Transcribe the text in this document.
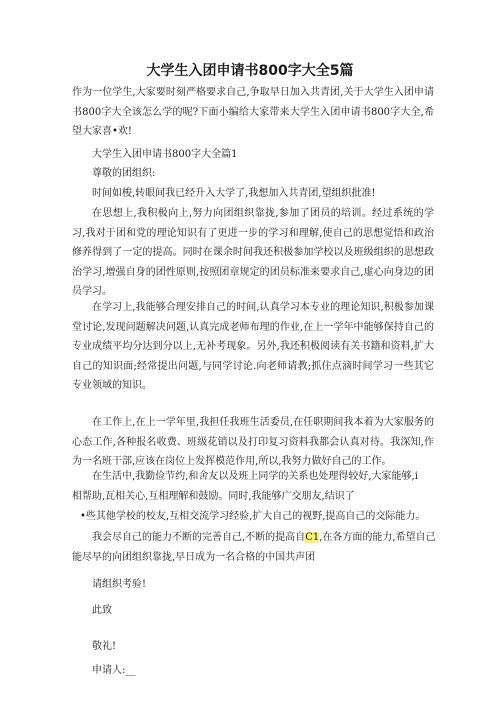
大学生入团申请书800字大全5篇
作为一位学生,大家要时刻严格要求自己,争取早日加入共青团,关于大学生入团申请书800字大全该怎么学的呢?下面小编给大家带来大学生入团申请书800字大全,希望大家喜•欢!
大学生入团申请书800字大全篇1
尊敬的团组织:
时间如梭,转眼间我已经升入大学了,我想加入共青团,望组织批准!
在思想上,我积极向上,努力向团组织靠拢,参加了团员的培训。经过系统的学习,我对于团和党的理论知识有了更进一步的学习和理解,使自己的思想觉悟和政治修养得到了一定的提高。同时在课余时间我还积极参加学校以及班级组织的思想政治学习,增强自身的团性原则,按照团章规定的团员标准来要求自己,虚心向身边的团员学习。
在学习上,我能够合理安排自己的时间,认真学习本专业的理论知识,积极参加课堂讨论,发现问题解决问题,认真完成老师布理的作业,在上一学年中能够保持自己的专业成绩平均分达到分以上,无补考现象。另外,我还积极阅读有关书籍和资料,扩大自己的知识面;经常提出问题,与同学讨论.向老师请教;抓住点滴时间学习一些其它专业领域的知识。
在工作上,在上一学年里,我担任我班生活委员,在任职期间我本着为大家服务的心态工作,各种报名收费、班级花销以及打印复习资料我都会认真对待。我深知,作为一名班干部,应该在岗位上发挥模范作用,所以,我努力做好自己的工作。
在生活中,我勤俭节约,和舍友以及班上同学的关系也处理得较好,大家能够,i
相帮助,瓦相关心,互相理解和鼓励。同时,我能够广交朋友,结识了
•些其他学校的校友,互相交流学习经验,扩大自己的视野,提高自己的交际能力。
我会尽自己的能力不断的完善自己,不断的提高自C1,在各方面的能力,希望自己
能尽早的向团组织靠拢,早日成为一名合格的中国共声团
请组织考验!
此致
敬礼!
申请人:__
